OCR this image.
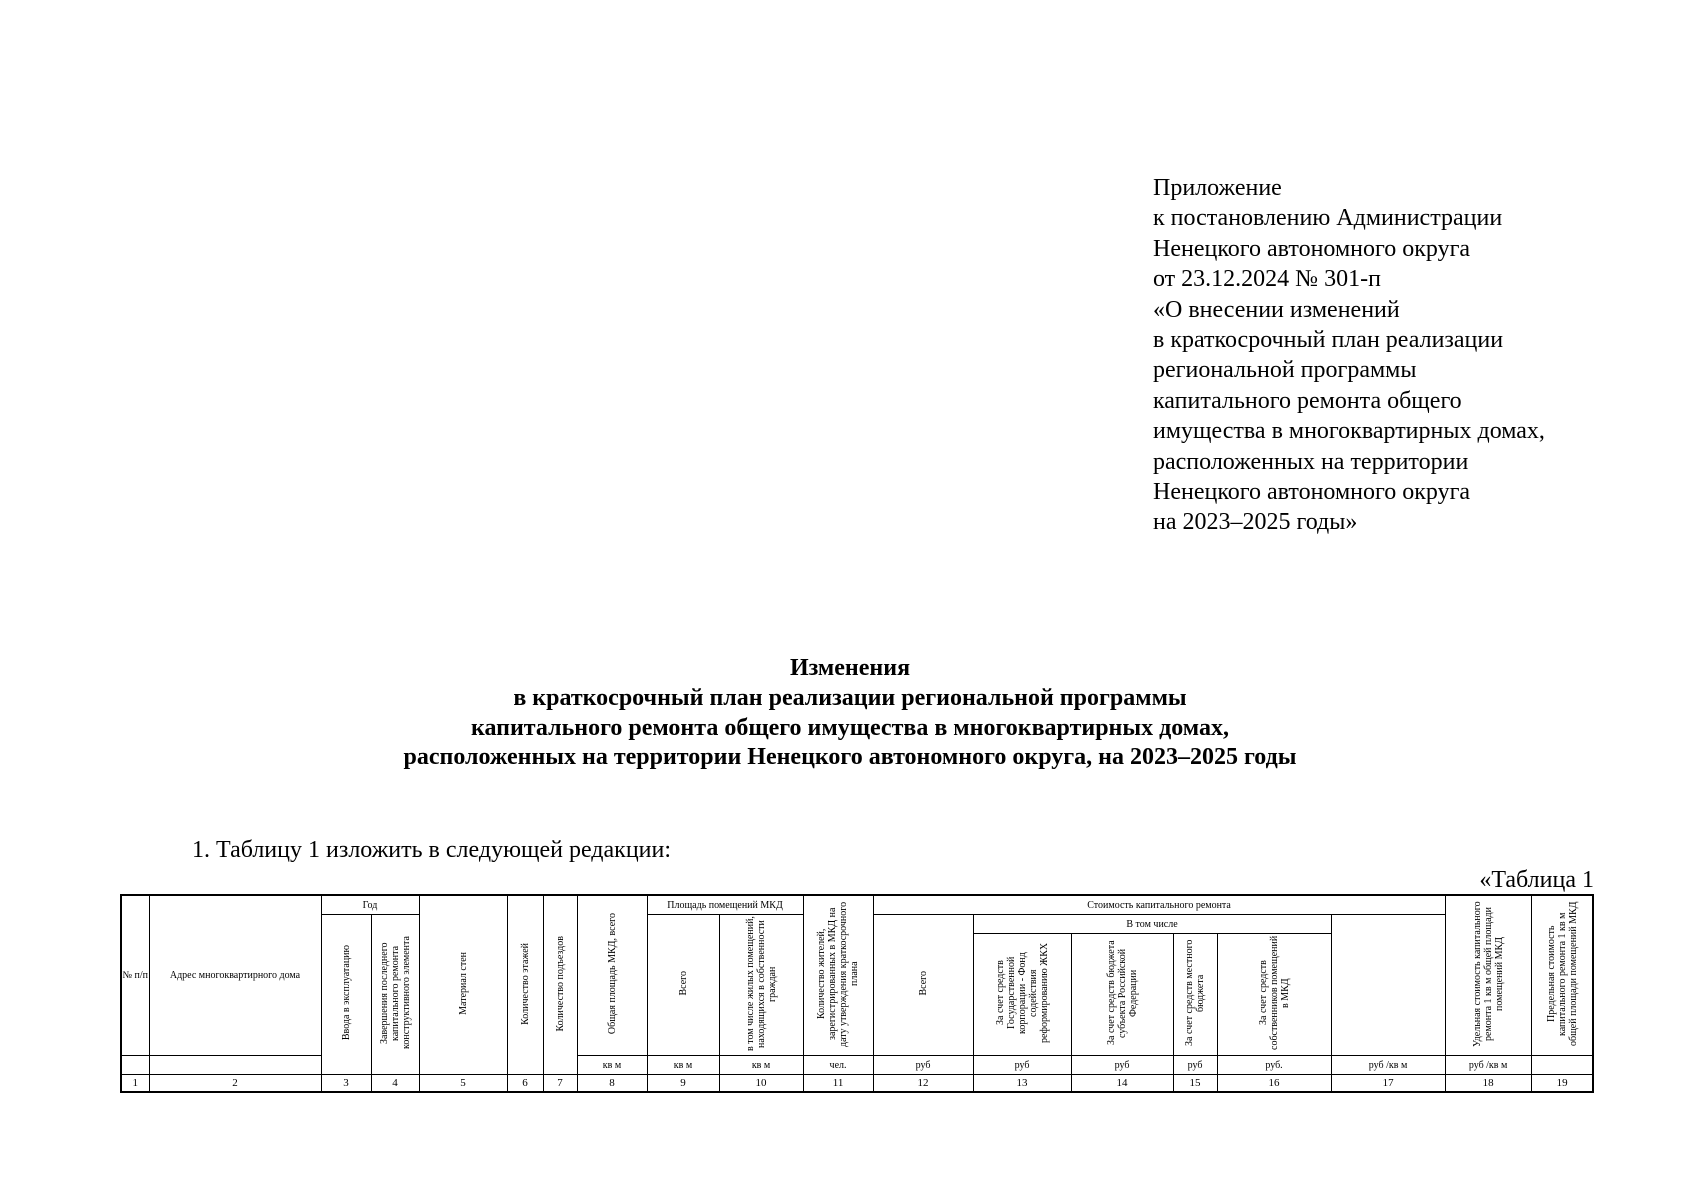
Приложение
к постановлению Администрации
Ненецкого автономного округа
от 23.12.2024 № 301-п
«О внесении изменений
в краткосрочный план реализации
региональной программы
капитального ремонта общего
имущества в многоквартирных домах,
расположенных на территории
Ненецкого автономного округа
на 2023–2025 годы»
Изменения
в краткосрочный план реализации региональной программы
капитального ремонта общего имущества в многоквартирных домах,
расположенных на территории Ненецкого автономного округа, на 2023–2025 годы
1. Таблицу 1 изложить в следующей редакции:
«Таблица 1
№ п/п	Адрес многоквартирного дома	Год		Материал стен	Количество этажей	Количество подъездов	Общая площадь МКД, всего	Площадь помещений МКД		Количество жителей, зарегистрированных в МКД на дату утверждения краткосрочного плана	Стоимость капитального ремонта						Удельная стоимость капитального ремонта 1 кв м общей площади помещений МКД	Предельная стоимость капитального ремонта 1 кв м общей площади помещений МКД	
		Ввода в эксплуатацию	Завершения последнего капитального ремонта конструктивного элемента					Всего	в том числе жилых помещений, находящихся в собственности граждан		Всего	В том числе							
												За счет средств Государственной корпорации - Фонд содействия реформированию ЖКХ	За счет средств бюджета субъекта Российской Федерации	За счет средств местного бюджета	За счет средств собственников помещений в МКД				
							кв м	кв м	кв м	чел.	руб	руб	руб	руб	руб.	руб /кв м	руб /кв м		
1	2	3	4	5	6	7	8	9	10	11	12	13	14	15	16	17	18	19	
